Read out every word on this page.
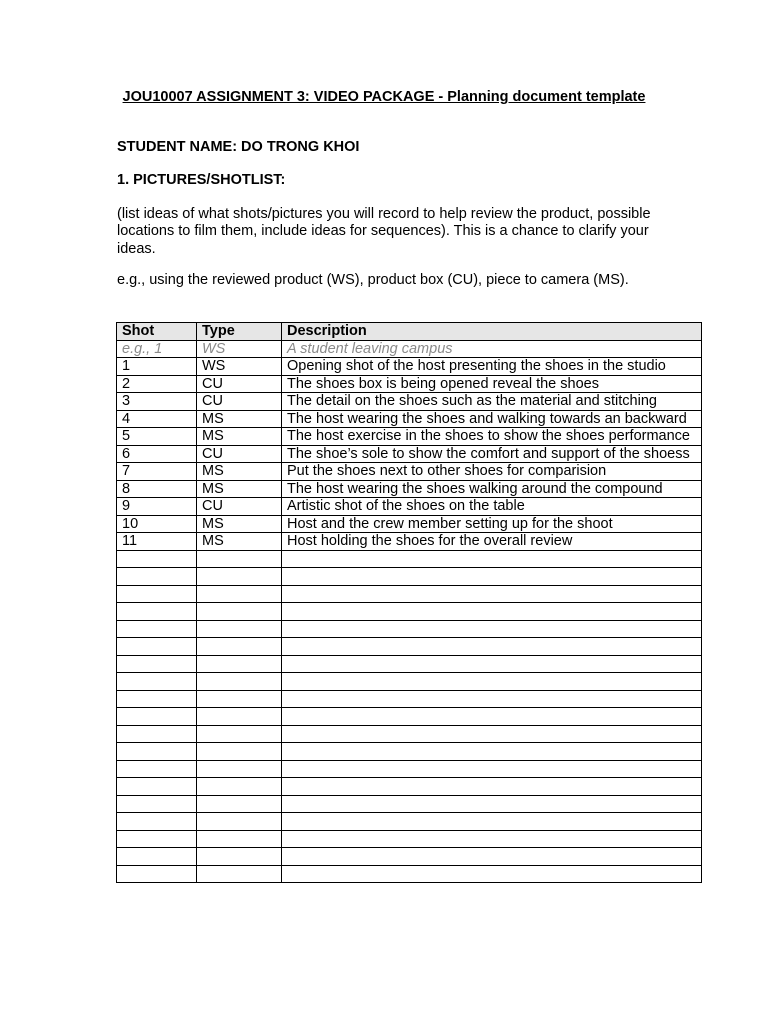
JOU10007 ASSIGNMENT 3: VIDEO PACKAGE - Planning document template
STUDENT NAME: DO TRONG KHOI
1. PICTURES/SHOTLIST:
(list ideas of what shots/pictures you will record to help review the product, possible locations to film them, include ideas for sequences). This is a chance to clarify your ideas.
e.g., using the reviewed product (WS), product box (CU), piece to camera (MS).
Shot	Type	Description
e.g., 1	WS	A student leaving campus
1	WS	Opening shot of the host presenting the shoes in the studio
2	CU	The shoes box is being opened reveal the shoes
3	CU	The detail on the shoes such as the material and stitching
4	MS	The host wearing the shoes and walking towards an backward
5	MS	The host exercise in the shoes to show the shoes performance
6	CU	The shoe’s sole to show the comfort and support of the shoess
7	MS	Put the shoes next to other shoes for comparision
8	MS	The host wearing the shoes walking around the compound
9	CU	Artistic shot of the shoes on the table
10	MS	Host and the crew member setting up for the shoot
11	MS	Host holding the shoes for the overall review
